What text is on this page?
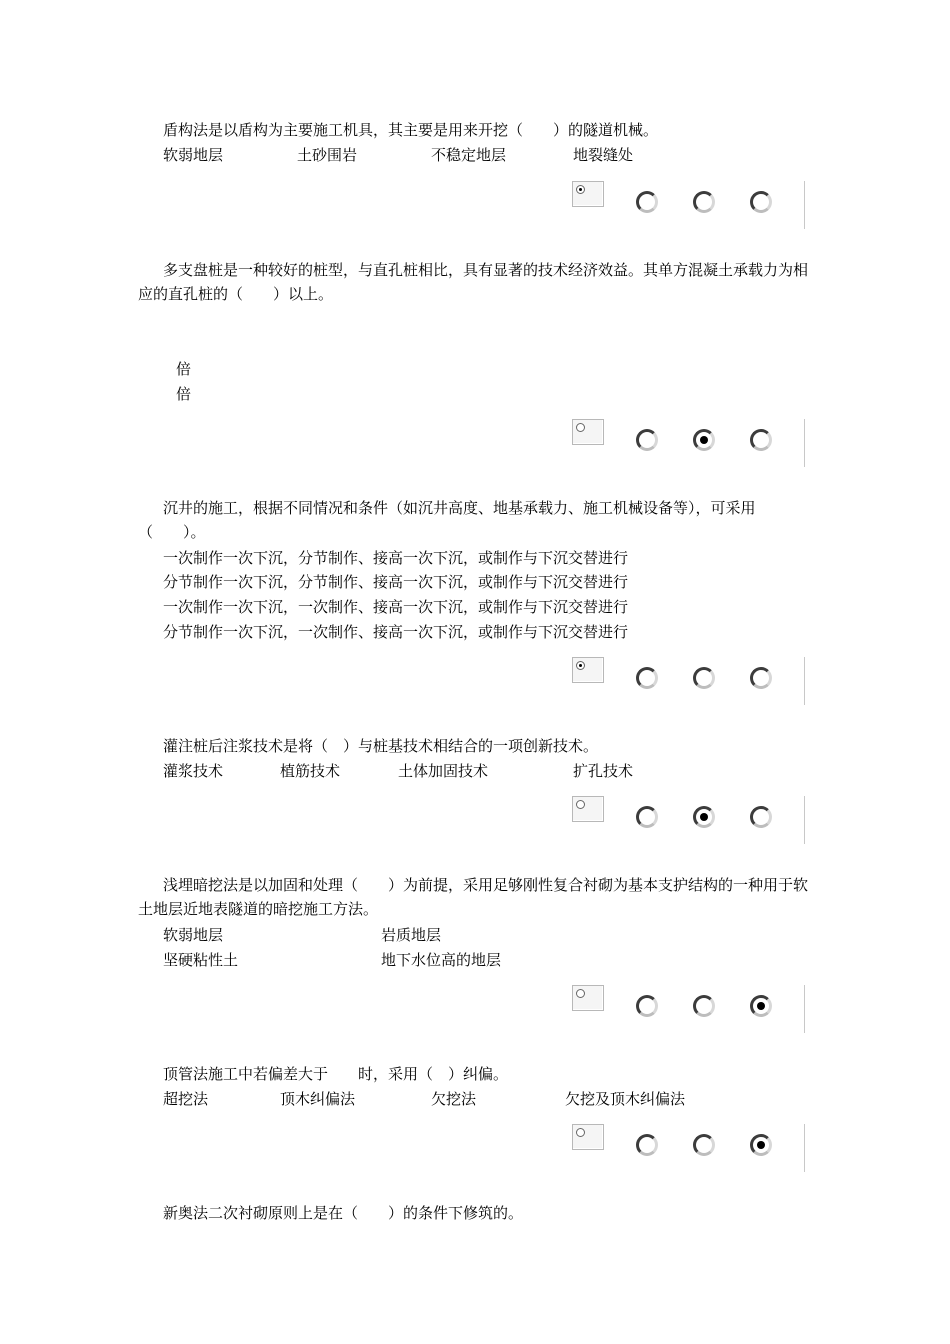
盾构法是以盾构为主要施工机具，其主要是用来开挖（　　）的隧道机械。
软弱地层	土砂围岩	不稳定地层	地裂缝处
多支盘桩是一种较好的桩型，与直孔桩相比，具有显著的技术经济效益。其单方混凝土承载力为相应的直孔桩的（　　）以上。
倍
倍
沉井的施工，根据不同情况和条件（如沉井高度、地基承载力、施工机械设备等），可采用（　　）。
一次制作一次下沉，分节制作、接高一次下沉，或制作与下沉交替进行
分节制作一次下沉，分节制作、接高一次下沉，或制作与下沉交替进行
一次制作一次下沉，一次制作、接高一次下沉，或制作与下沉交替进行
分节制作一次下沉，一次制作、接高一次下沉，或制作与下沉交替进行
灌注桩后注浆技术是将（　）与桩基技术相结合的一项创新技术。
灌浆技术	植筋技术	土体加固技术	扩孔技术
浅埋暗挖法是以加固和处理（　　）为前提，采用足够刚性复合衬砌为基本支护结构的一种用于软土地层近地表隧道的暗挖施工方法。
软弱地层	岩质地层
坚硬粘性土	地下水位高的地层
顶管法施工中若偏差大于　　时，采用（　）纠偏。
超挖法	顶木纠偏法	欠挖法	欠挖及顶木纠偏法
新奥法二次衬砌原则上是在（　　）的条件下修筑的。
